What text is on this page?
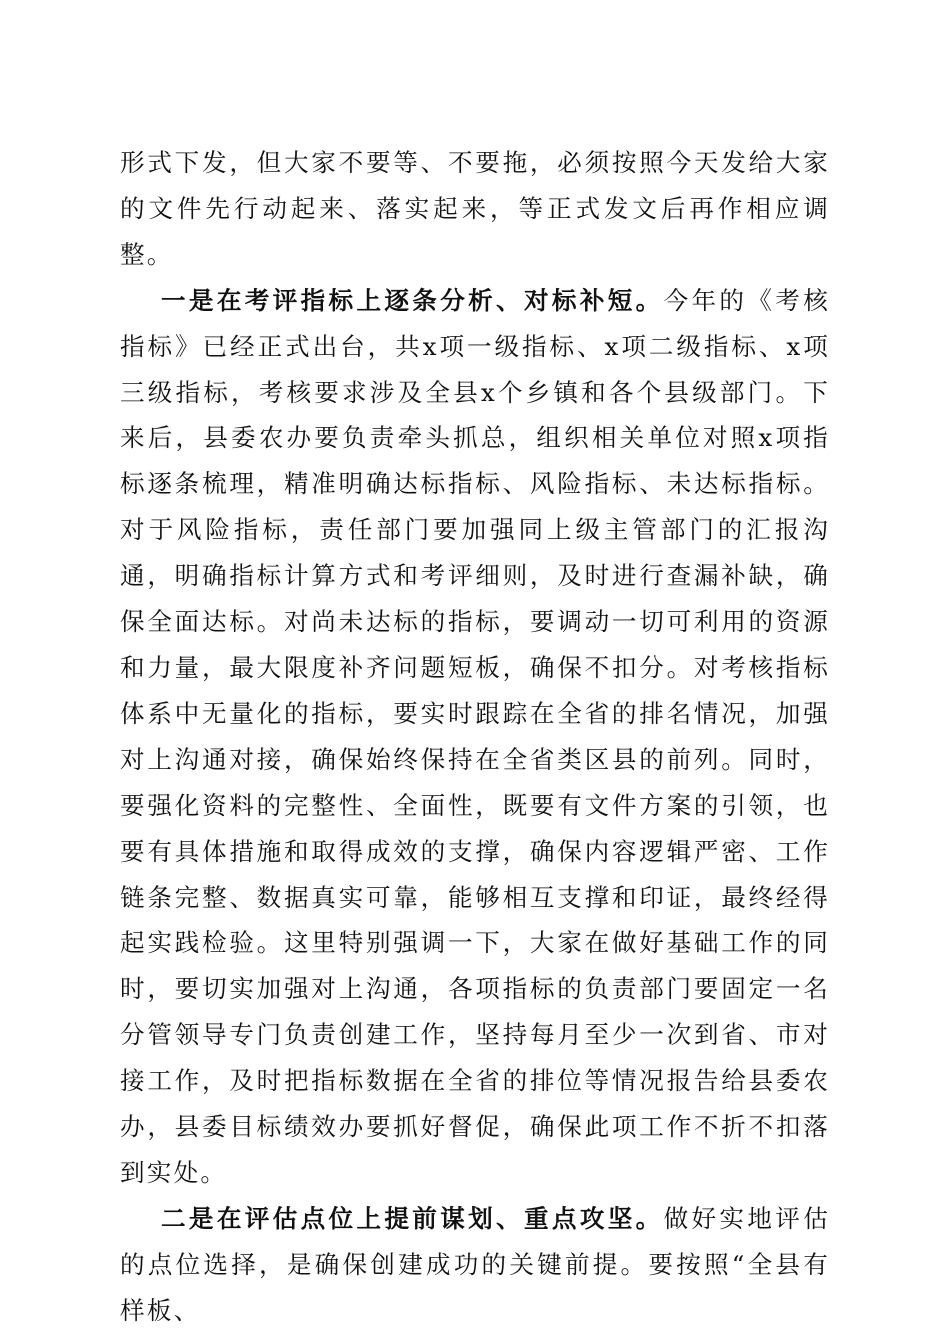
形式下发，但大家不要等、不要拖，必须按照今天发给大家的文件先行动起来、落实起来，等正式发文后再作相应调整。

一是在考评指标上逐条分析、对标补短。今年的《考核指标》已经正式出台，共x项一级指标、x项二级指标、x项三级指标，考核要求涉及全县x个乡镇和各个县级部门。下来后，县委农办要负责牵头抓总，组织相关单位对照x项指标逐条梳理，精准明确达标指标、风险指标、未达标指标。对于风险指标，责任部门要加强同上级主管部门的汇报沟通，明确指标计算方式和考评细则，及时进行查漏补缺，确保全面达标。对尚未达标的指标，要调动一切可利用的资源和力量，最大限度补齐问题短板，确保不扣分。对考核指标体系中无量化的指标，要实时跟踪在全省的排名情况，加强对上沟通对接，确保始终保持在全省类区县的前列。同时，要强化资料的完整性、全面性，既要有文件方案的引领，也要有具体措施和取得成效的支撑，确保内容逻辑严密、工作链条完整、数据真实可靠，能够相互支撑和印证，最终经得起实践检验。这里特别强调一下，大家在做好基础工作的同时，要切实加强对上沟通，各项指标的负责部门要固定一名分管领导专门负责创建工作，坚持每月至少一次到省、市对接工作，及时把指标数据在全省的排位等情况报告给县委农办，县委目标绩效办要抓好督促，确保此项工作不折不扣落到实处。

二是在评估点位上提前谋划、重点攻坚。做好实地评估的点位选择，是确保创建成功的关键前提。要按照“全县有样板、
